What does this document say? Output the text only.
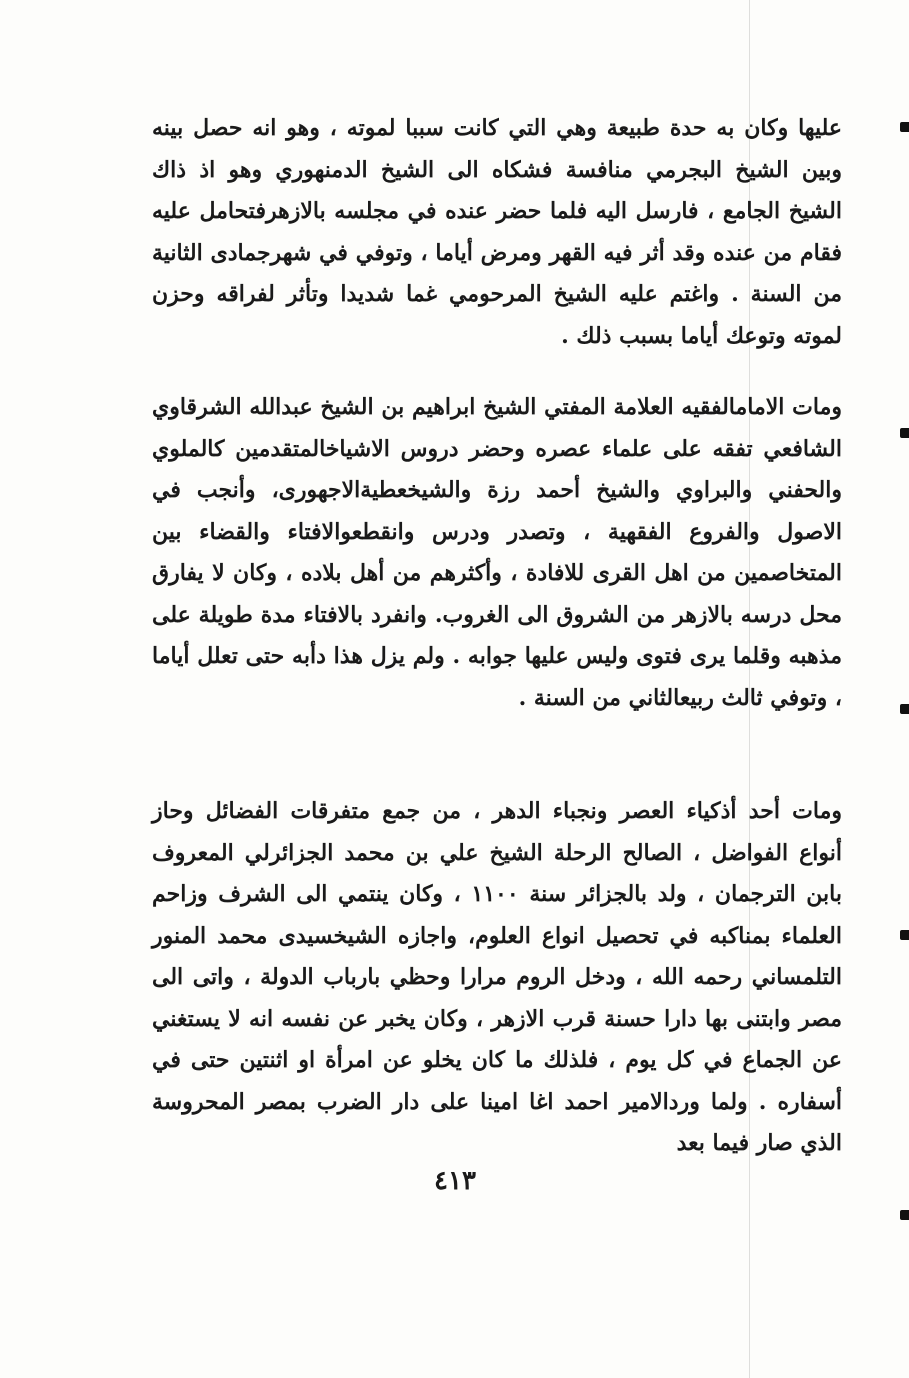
عليها وكان به حدة طبيعة وهي التي كانت سببا لموته ، وهو انه حصل بينه وبين الشيخ البجرمي منافسة فشكاه الى الشيخ الدمنهوري وهو اذ ذاك الشيخ الجامع ، فارسل اليه فلما حضر عنده في مجلسه بالازهرفتحامل عليه فقام من عنده وقد أثر فيه القهر ومرض أياما ، وتوفي في شهرجمادى الثانية من السنة . واغتم عليه الشيخ المرحومي غما شديدا وتأثر لفراقه وحزن لموته وتوعك أياما بسبب ذلك .

ومات الامامالفقيه العلامة المفتي الشيخ ابراهيم بن الشيخ عبدالله الشرقاوي الشافعي تفقه على علماء عصره وحضر دروس الاشياخالمتقدمين كالملوي والحفني والبراوي والشيخ أحمد رزة والشيخعطيةالاجهورى، وأنجب في الاصول والفروع الفقهية ، وتصدر ودرس وانقطعوالافتاء والقضاء بين المتخاصمين من اهل القرى للافادة ، وأكثرهم من أهل بلاده ، وكان لا يفارق محل درسه بالازهر من الشروق الى الغروب. وانفرد بالافتاء مدة طويلة على مذهبه وقلما يرى فتوى وليس عليها جوابه . ولم يزل هذا دأبه حتى تعلل أياما ، وتوفي ثالث ربيعالثاني من السنة .

ومات أحد أذكياء العصر ونجباء الدهر ، من جمع متفرقات الفضائل وحاز أنواع الفواضل ، الصالح الرحلة الشيخ علي بن محمد الجزائرلي المعروف بابن الترجمان ، ولد بالجزائر سنة ١١٠٠ ، وكان ينتمي الى الشرف وزاحم العلماء بمناكبه في تحصيل انواع العلوم، واجازه الشيخسيدى محمد المنور التلمساني رحمه الله ، ودخل الروم مرارا وحظي بارباب الدولة ، واتى الى مصر وابتنى بها دارا حسنة قرب الازهر ، وكان يخبر عن نفسه انه لا يستغني عن الجماع في كل يوم ، فلذلك ما كان يخلو عن امرأة او اثنتين حتى في أسفاره . ولما وردالامير احمد اغا امينا على دار الضرب بمصر المحروسة الذي صار فيما بعد

٤١٣
